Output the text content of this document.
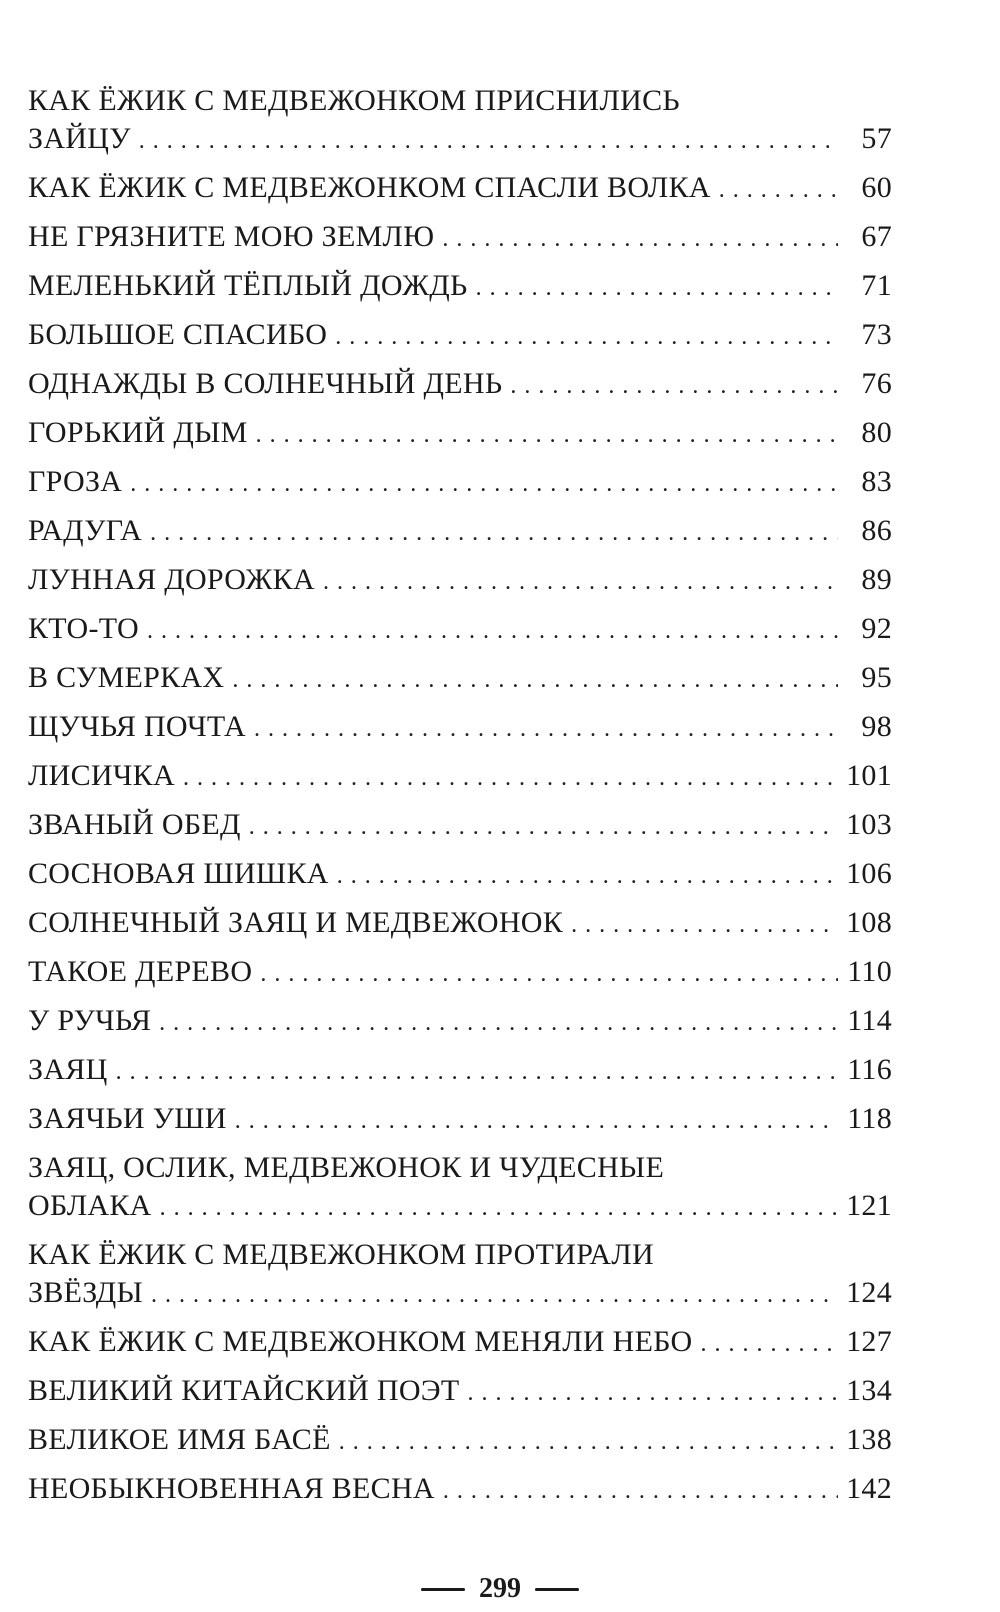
КАК ЁЖИК С МЕДВЕЖОНКОМ ПРИСНИЛИСЬ
ЗАЙЦУ . . .	57
КАК ЁЖИК С МЕДВЕЖОНКОМ СПАСЛИ ВОЛКА . . .	60
НЕ ГРЯЗНИТЕ МОЮ ЗЕМЛЮ . . .	67
МЕЛЕНЬКИЙ ТЁПЛЫЙ ДОЖДЬ . . .	71
БОЛЬШОЕ СПАСИБО . . .	73
ОДНАЖДЫ В СОЛНЕЧНЫЙ ДЕНЬ . . .	76
ГОРЬКИЙ ДЫМ . . .	80
ГРОЗА . . .	83
РАДУГА . . .	86
ЛУННАЯ ДОРОЖКА . . .	89
КТО-ТО . . .	92
В СУМЕРКАХ . . .	95
ЩУЧЬЯ ПОЧТА . . .	98
ЛИСИЧКА . . .	101
ЗВАНЫЙ ОБЕД . . .	103
СОСНОВАЯ ШИШКА . . .	106
СОЛНЕЧНЫЙ ЗАЯЦ И МЕДВЕЖОНОК . . .	108
ТАКОЕ ДЕРЕВО . . .	110
У РУЧЬЯ . . .	114
ЗАЯЦ . . .	116
ЗАЯЧЬИ УШИ . . .	118
ЗАЯЦ, ОСЛИК, МЕДВЕЖОНОК И ЧУДЕСНЫЕ
ОБЛАКА . . .	121
КАК ЁЖИК С МЕДВЕЖОНКОМ ПРОТИРАЛИ
ЗВЁЗДЫ . . .	124
КАК ЁЖИК С МЕДВЕЖОНКОМ МЕНЯЛИ НЕБО . . .	127
ВЕЛИКИЙ КИТАЙСКИЙ ПОЭТ . . .	134
ВЕЛИКОЕ ИМЯ БАСЁ . . .	138
НЕОБЫКНОВЕННАЯ ВЕСНА . . .	142
299
